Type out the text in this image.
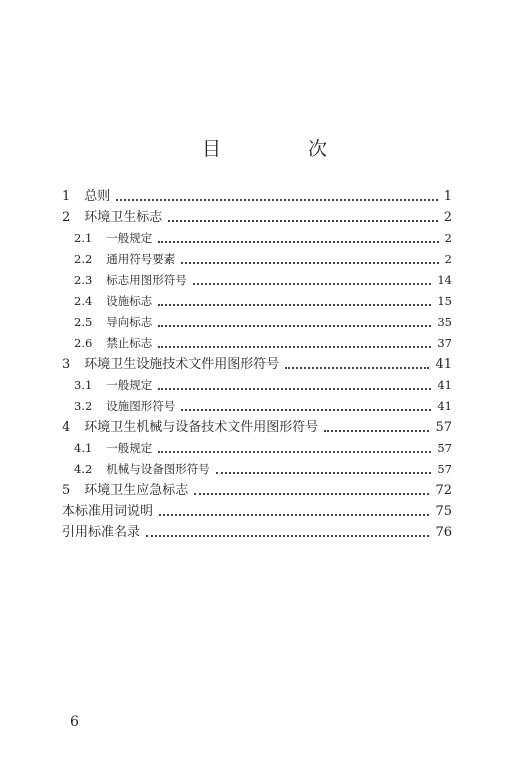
目　次
1 总则	1
2 环境卫生标志	2
2.1 一般规定	2
2.2 通用符号要素	2
2.3 标志用图形符号	14
2.4 设施标志	15
2.5 导向标志	35
2.6 禁止标志	37
3 环境卫生设施技术文件用图形符号	41
3.1 一般规定	41
3.2 设施图形符号	41
4 环境卫生机械与设备技术文件用图形符号	57
4.1 一般规定	57
4.2 机械与设备图形符号	57
5 环境卫生应急标志	72
本标准用词说明	75
引用标准名录	76
6
